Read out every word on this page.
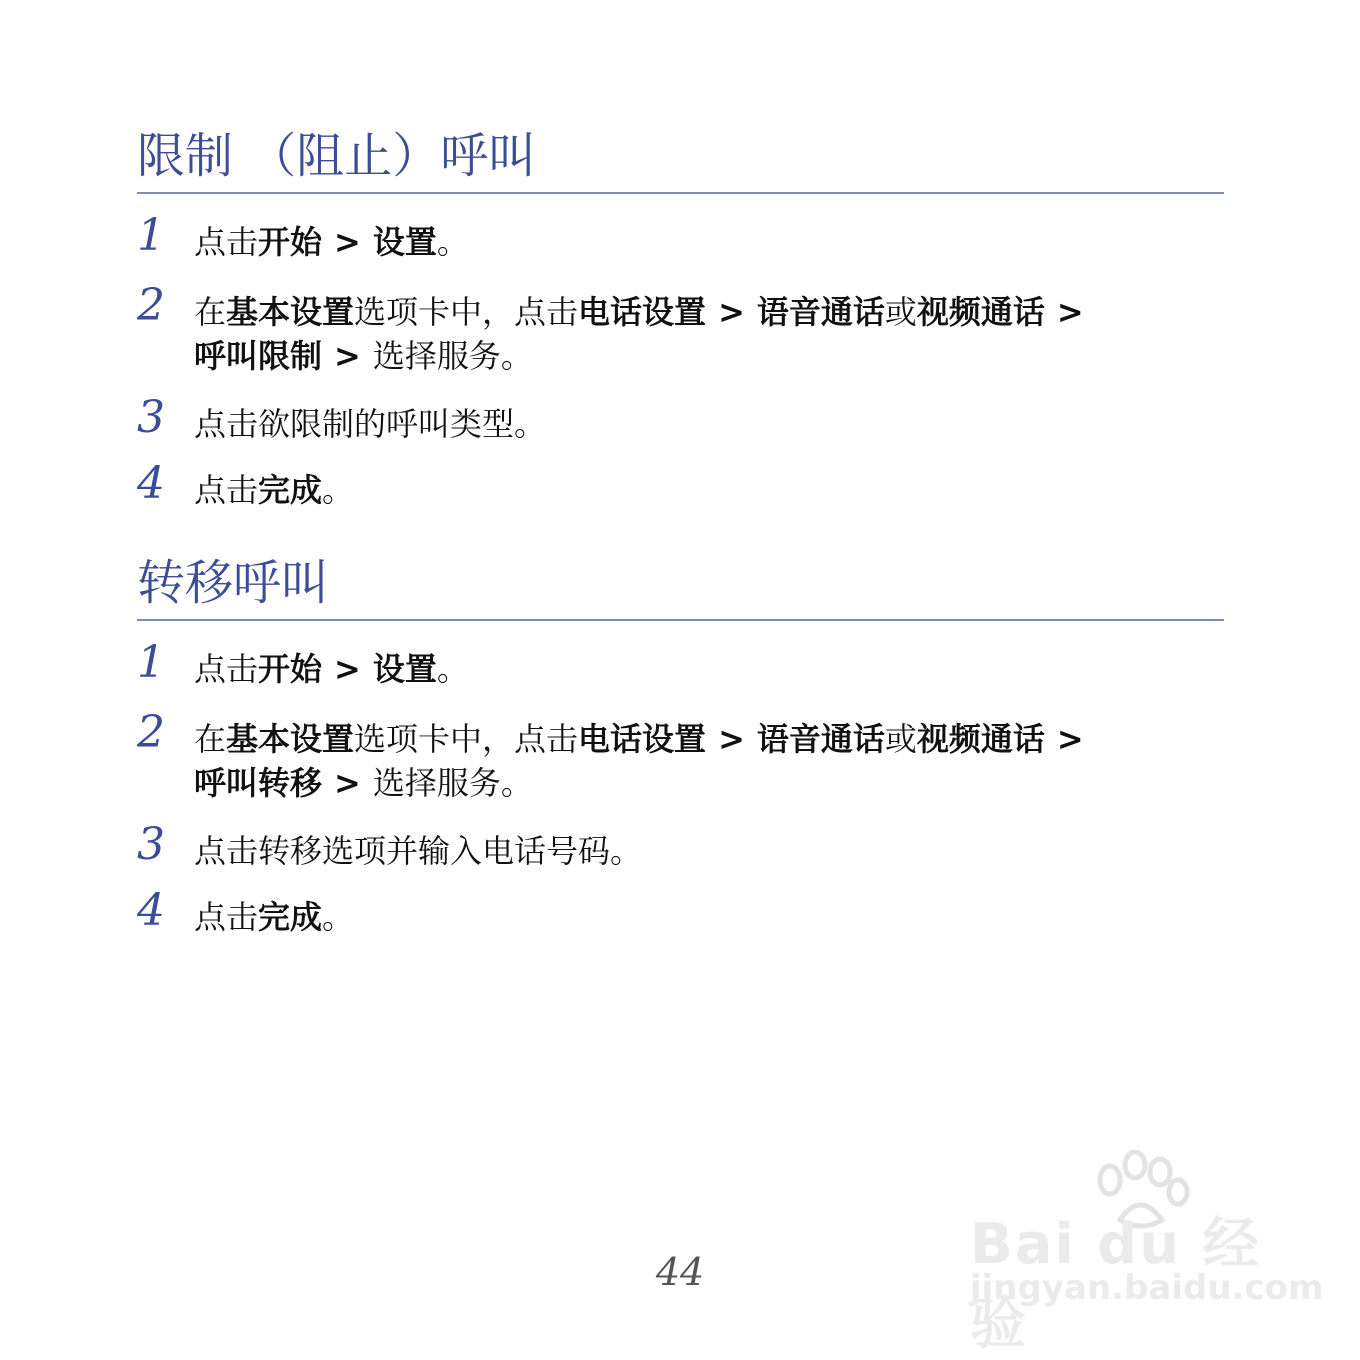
限制 （阻止）呼叫
1 点击开始 > 设置。
2 在基本设置选项卡中，点击电话设置 > 语音通话或视频通话 >
呼叫限制 > 选择服务。
3 点击欲限制的呼叫类型。
4 点击完成。
转移呼叫
1 点击开始 > 设置。
2 在基本设置选项卡中，点击电话设置 > 语音通话或视频通话 >
呼叫转移 > 选择服务。
3 点击转移选项并输入电话号码。
4 点击完成。
44	Bai du 经验
jingyan.baidu.com
